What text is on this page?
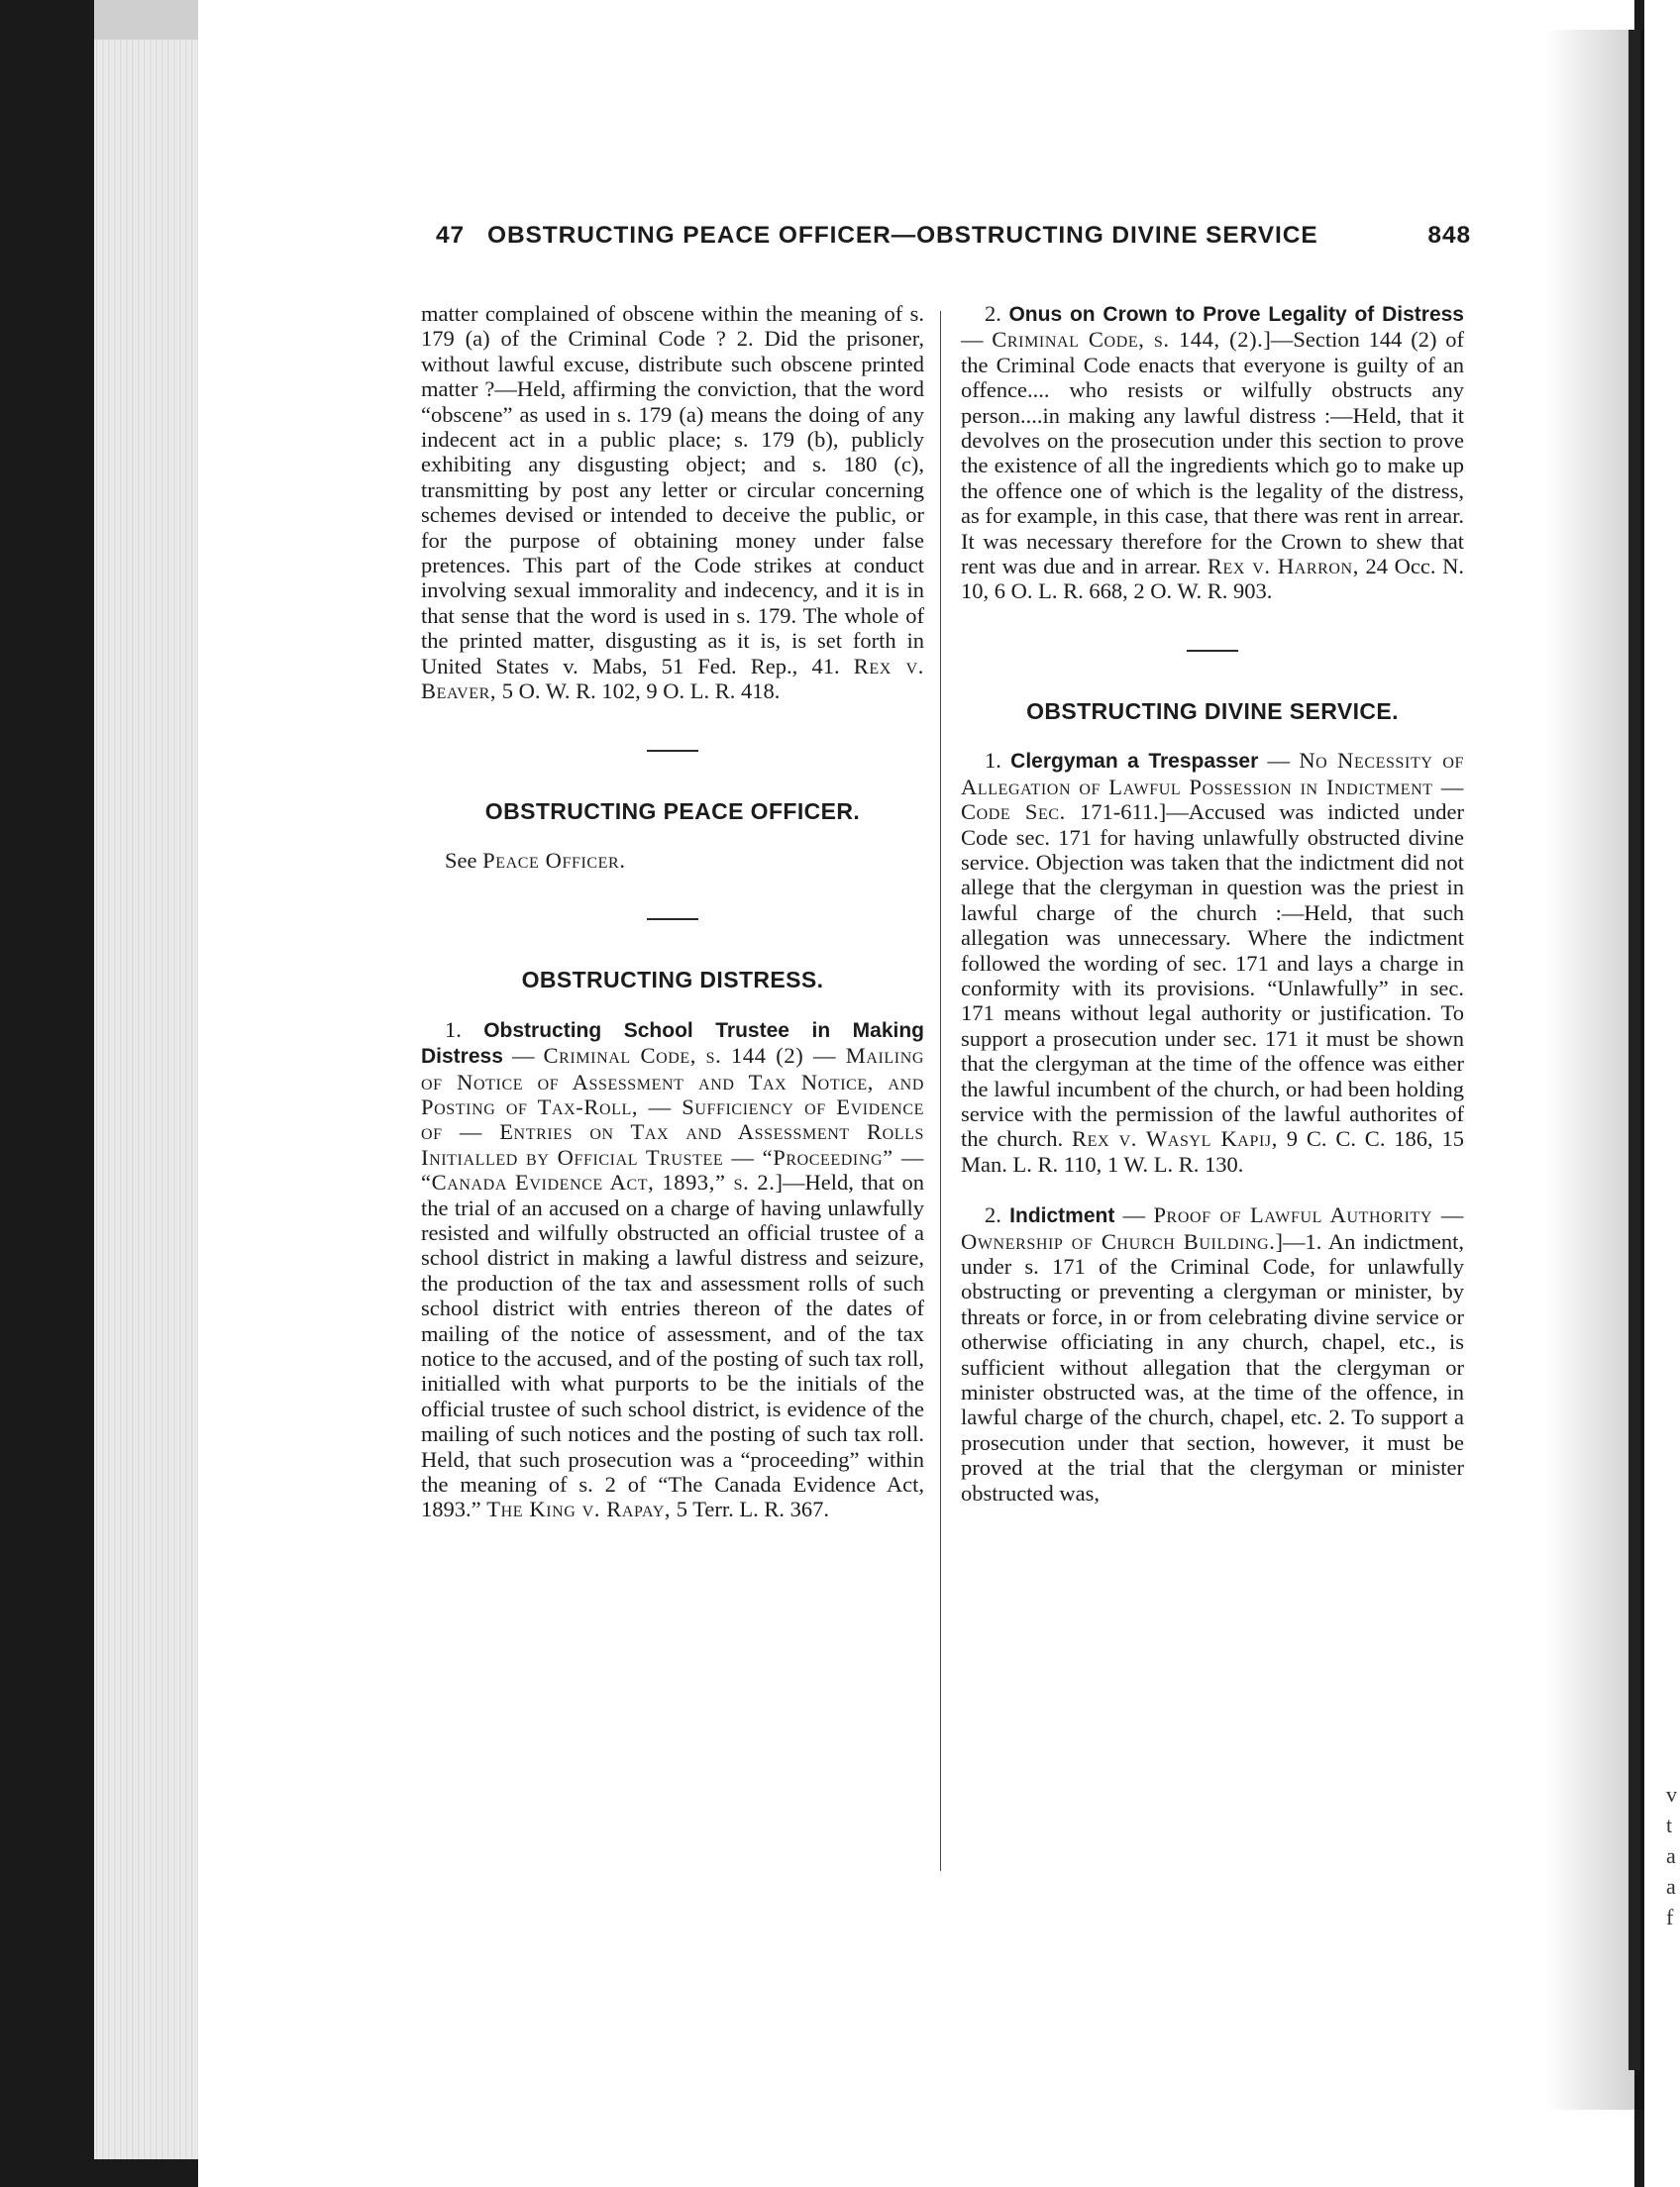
v
t
a
a
f
47 OBSTRUCTING PEACE OFFICER—OBSTRUCTING DIVINE SERVICE	848

matter complained of obscene within the meaning of s. 179 (a) of the Criminal Code ? 2. Did the prisoner, without lawful excuse, distribute such obscene printed matter ?—Held, affirming the conviction, that the word “obscene” as used in s. 179 (a) means the doing of any indecent act in a public place; s. 179 (b), publicly exhibiting any disgusting object; and s. 180 (c), transmitting by post any letter or circular concerning schemes devised or intended to deceive the public, or for the purpose of obtaining money under false pretences. This part of the Code strikes at conduct involving sexual immorality and indecency, and it is in that sense that the word is used in s. 179. The whole of the printed matter, disgusting as it is, is set forth in United States v. Mabs, 51 Fed. Rep., 41. Rex v. Beaver, 5 O. W. R. 102, 9 O. L. R. 418.

OBSTRUCTING PEACE OFFICER.

See Peace Officer.

OBSTRUCTING DISTRESS.

1. Obstructing School Trustee in Making Distress — Criminal Code, s. 144 (2) — Mailing of Notice of Assessment and Tax Notice, and Posting of Tax-Roll, — Sufficiency of Evidence of — Entries on Tax and Assessment Rolls Initialled by Official Trustee — “Proceeding” — “Canada Evidence Act, 1893,” s. 2.]—Held, that on the trial of an accused on a charge of having unlawfully resisted and wilfully obstructed an official trustee of a school district in making a lawful distress and seizure, the production of the tax and assessment rolls of such school district with entries thereon of the dates of mailing of the notice of assessment, and of the tax notice to the accused, and of the posting of such tax roll, initialled with what purports to be the initials of the official trustee of such school district, is evidence of the mailing of such notices and the posting of such tax roll. Held, that such prosecution was a “proceeding” within the meaning of s. 2 of “The Canada Evidence Act, 1893.” The King v. Rapay, 5 Terr. L. R. 367.

2. Onus on Crown to Prove Legality of Distress — Criminal Code, s. 144, (2).]—Section 144 (2) of the Criminal Code enacts that everyone is guilty of an offence.... who resists or wilfully obstructs any person....in making any lawful distress :—Held, that it devolves on the prosecution under this section to prove the existence of all the ingredients which go to make up the offence one of which is the legality of the distress, as for example, in this case, that there was rent in arrear. It was necessary therefore for the Crown to shew that rent was due and in arrear. Rex v. Harron, 24 Occ. N. 10, 6 O. L. R. 668, 2 O. W. R. 903.

OBSTRUCTING DIVINE SERVICE.

1. Clergyman a Trespasser — No Necessity of Allegation of Lawful Possession in Indictment — Code Sec. 171-611.]—Accused was indicted under Code sec. 171 for having unlawfully obstructed divine service. Objection was taken that the indictment did not allege that the clergyman in question was the priest in lawful charge of the church :—Held, that such allegation was unnecessary. Where the indictment followed the wording of sec. 171 and lays a charge in conformity with its provisions. “Unlawfully” in sec. 171 means without legal authority or justification. To support a prosecution under sec. 171 it must be shown that the clergyman at the time of the offence was either the lawful incumbent of the church, or had been holding service with the permission of the lawful authorites of the church. Rex v. Wasyl Kapij, 9 C. C. C. 186, 15 Man. L. R. 110, 1 W. L. R. 130.

2. Indictment — Proof of Lawful Authority — Ownership of Church Building.]—1. An indictment, under s. 171 of the Criminal Code, for unlawfully obstructing or preventing a clergyman or minister, by threats or force, in or from celebrating divine service or otherwise officiating in any church, chapel, etc., is sufficient without allegation that the clergyman or minister obstructed was, at the time of the offence, in lawful charge of the church, chapel, etc. 2. To support a prosecution under that section, however, it must be proved at the trial that the clergyman or minister obstructed was,
